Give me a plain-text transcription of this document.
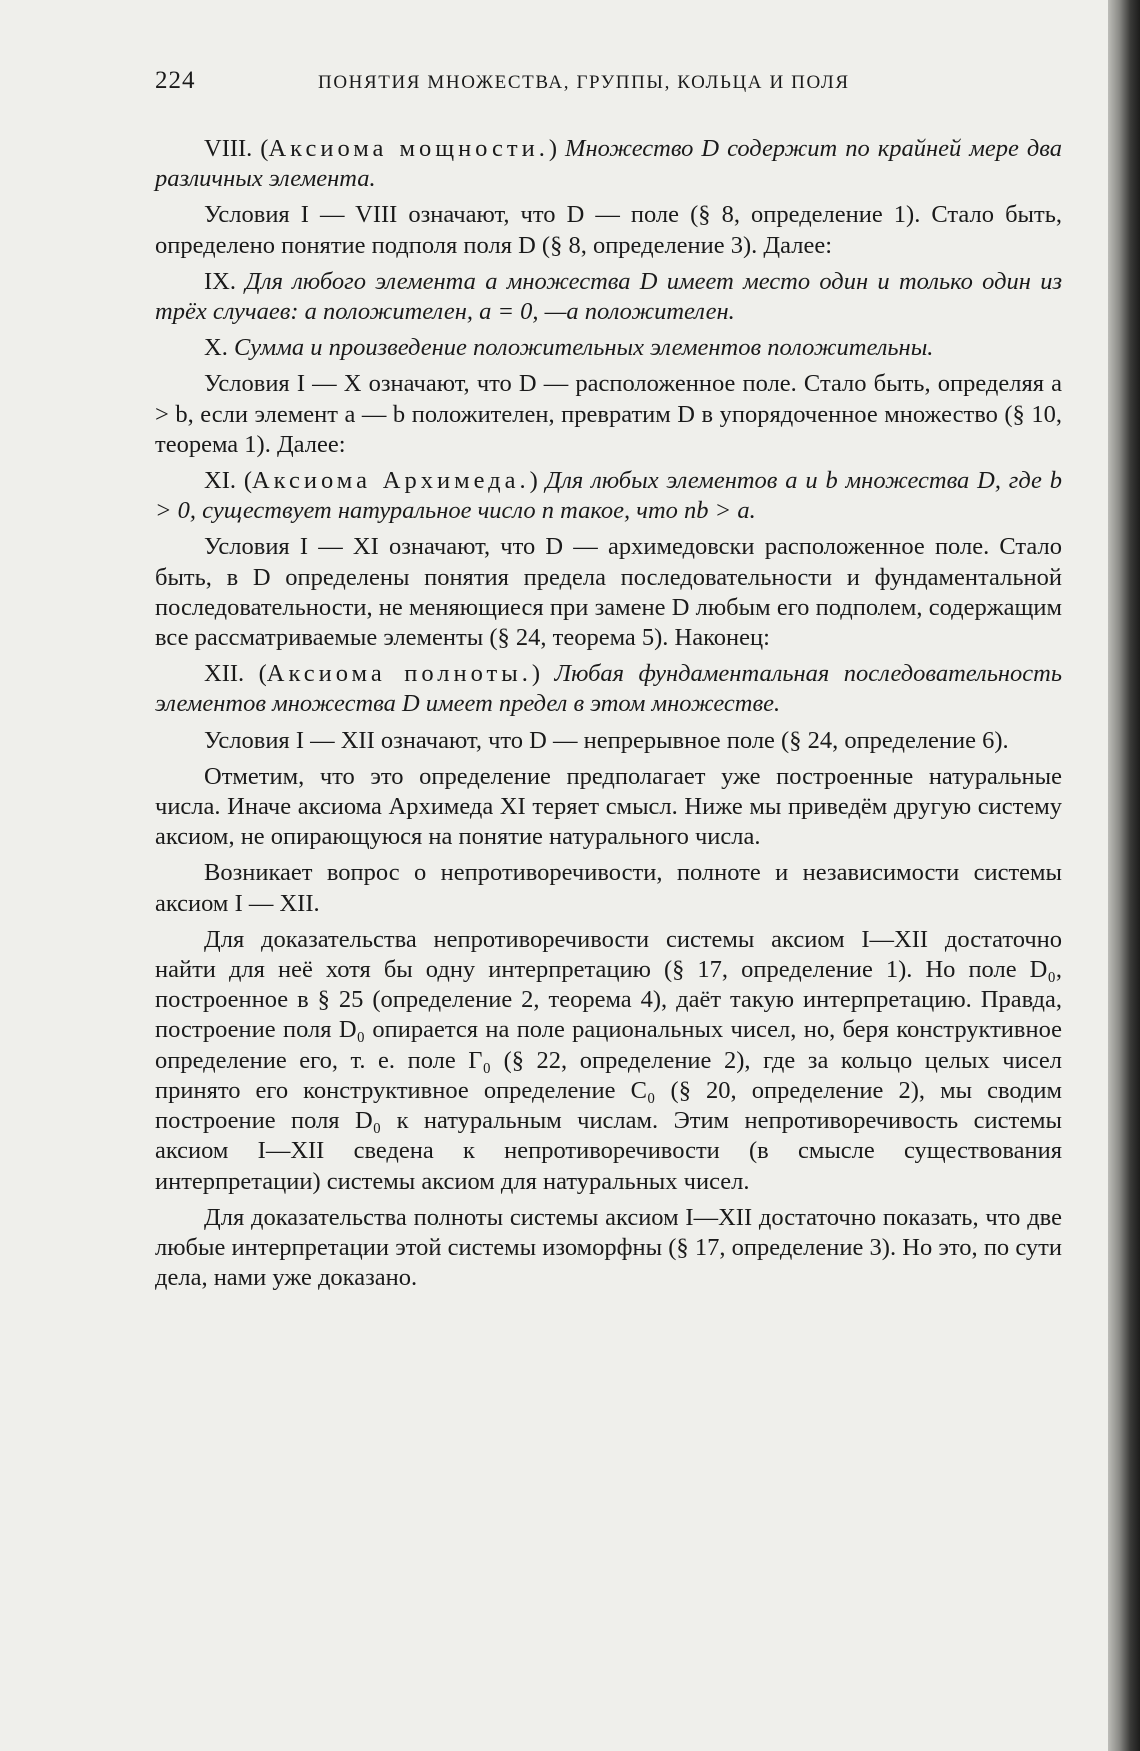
224	ПОНЯТИЯ МНОЖЕСТВА, ГРУППЫ, КОЛЬЦА И ПОЛЯ

VIII. (Аксиома мощности.) Множество D содержит по крайней мере два различных элемента.

Условия I — VIII означают, что D — поле (§ 8, определение 1). Стало быть, определено понятие подполя поля D (§ 8, определение 3). Далее:

IX. Для любого элемента a множества D имеет место один и только один из трёх случаев: a положителен, a = 0, —a положителен.

X. Сумма и произведение положительных элементов положительны.

Условия I — X означают, что D — расположенное поле. Стало быть, определяя a > b, если элемент a — b положителен, превратим D в упорядоченное множество (§ 10, теорема 1). Далее:

XI. (Аксиома Архимеда.) Для любых элементов a и b множества D, где b > 0, существует натуральное число n такое, что nb > a.

Условия I — XI означают, что D — архимедовски расположенное поле. Стало быть, в D определены понятия предела последовательности и фундаментальной последовательности, не меняющиеся при замене D любым его подполем, содержащим все рассматриваемые элементы (§ 24, теорема 5). Наконец:

XII. (Аксиома полноты.) Любая фундаментальная последовательность элементов множества D имеет предел в этом множестве.

Условия I — XII означают, что D — непрерывное поле (§ 24, определение 6).

Отметим, что это определение предполагает уже построенные натуральные числа. Иначе аксиома Архимеда XI теряет смысл. Ниже мы приведём другую систему аксиом, не опирающуюся на понятие натурального числа.

Возникает вопрос о непротиворечивости, полноте и независимости системы аксиом I — XII.

Для доказательства непротиворечивости системы аксиом I—XII достаточно найти для неё хотя бы одну интерпретацию (§ 17, определение 1). Но поле D₀, построенное в § 25 (определение 2, теорема 4), даёт такую интерпретацию. Правда, построение поля D₀ опирается на поле рациональных чисел, но, беря конструктивное определение его, т. е. поле Γ₀ (§ 22, определение 2), где за кольцо целых чисел принято его конструктивное определение C₀ (§ 20, определение 2), мы сводим построение поля D₀ к натуральным числам. Этим непротиворечивость системы аксиом I—XII сведена к непротиворечивости (в смысле существования интерпретации) системы аксиом для натуральных чисел.

Для доказательства полноты системы аксиом I—XII достаточно показать, что две любые интерпретации этой системы изоморфны (§ 17, определение 3). Но это, по сути дела, нами уже доказано.
